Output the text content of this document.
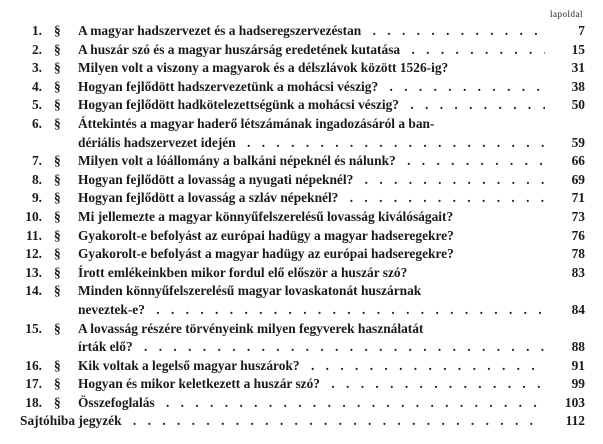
lapoldal
1. § A magyar hadszervezet és a hadseregszervezéstan . . .	7
2. § A huszár szó és a magyar huszárság eredetének kutatása . . .	15
3. § Milyen volt a viszony a magyarok és a délszlávok között 1526-ig?	31
4. § Hogyan fejlődött hadszervezetünk a mohácsi vészig? . . .	38
5. § Hogyan fejlődött hadkötelezettségünk a mohácsi vészig? . . .	50
6. § Áttekintés a magyar haderő létszámának ingadozásáról a ban-
dériális hadszervezet idején . . .	59
7. § Milyen volt a lóállomány a balkáni népeknél és nálunk? . . .	66
8. § Hogyan fejlődött a lovasság a nyugati népeknél? . . .	69
9. § Hogyan fejlődött a lovasság a szláv népeknél? . . .	71
10. § Mi jellemezte a magyar könnyűfelszerelésű lovasság kiválóságait?	73
11. § Gyakorolt-e befolyást az európai hadügy a magyar hadseregekre?	76
12. § Gyakorolt-e befolyást a magyar hadügy az európai hadseregekre?	78
13. § Írott emlékeinkben mikor fordul elő először a huszár szó?	83
14. § Minden könnyűfelszerelésű magyar lovaskatonát huszárnak
neveztek-e? . . .	84
15. § A lovasság részére törvényeink milyen fegyverek használatát
írták elő? . . .	88
16. § Kik voltak a legelső magyar huszárok? . . .	91
17. § Hogyan és mikor keletkezett a huszár szó? . . .	99
18. § Összefoglalás . . .	103
Sajtóhiba jegyzék . . .	112
